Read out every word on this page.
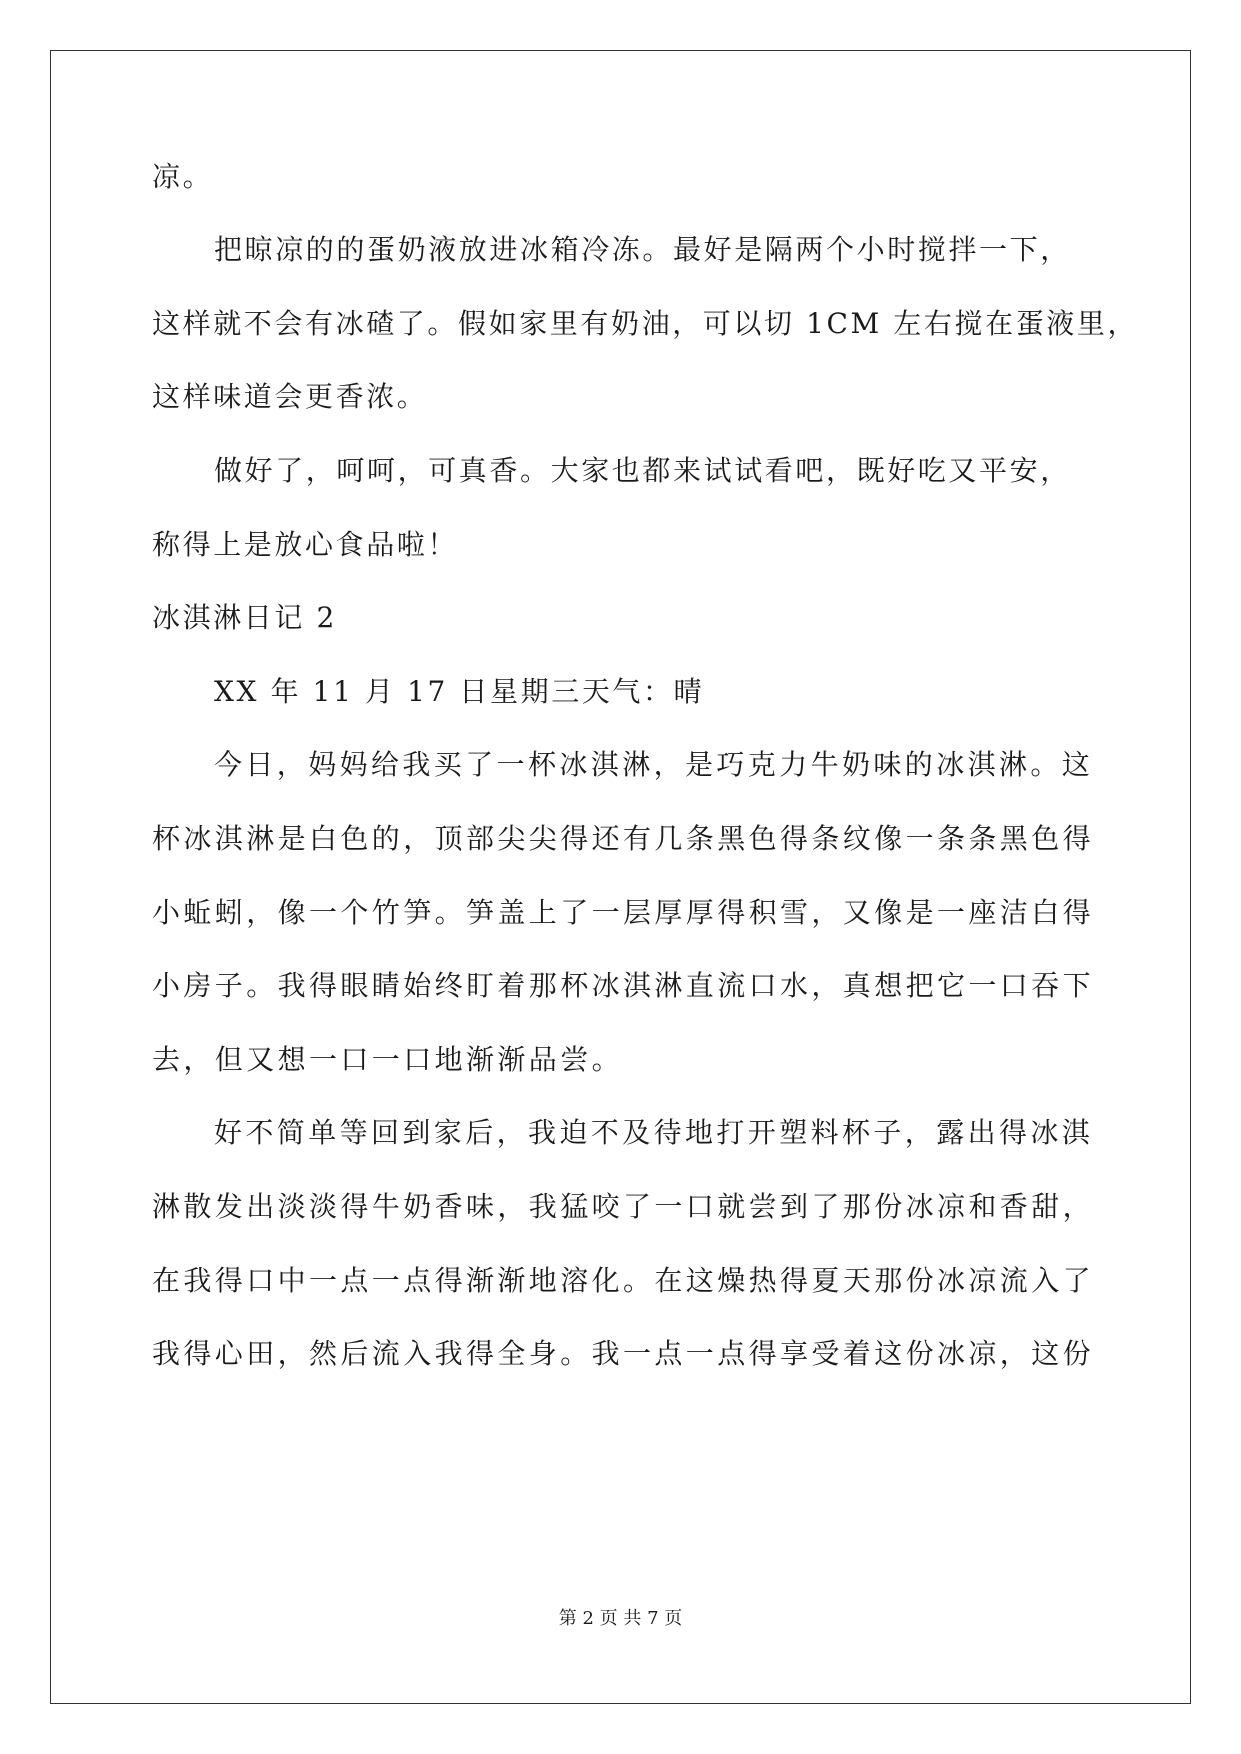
凉。
把晾凉的的蛋奶液放进冰箱冷冻。最好是隔两个小时搅拌一下，
这样就不会有冰碴了。假如家里有奶油，可以切 1CM 左右搅在蛋液里，
这样味道会更香浓。
做好了，呵呵，可真香。大家也都来试试看吧，既好吃又平安，
称得上是放心食品啦！
冰淇淋日记 2
XX 年 11 月 17 日星期三天气：晴
今日，妈妈给我买了一杯冰淇淋，是巧克力牛奶味的冰淇淋。这
杯冰淇淋是白色的，顶部尖尖得还有几条黑色得条纹像一条条黑色得
小蚯蚓，像一个竹笋。笋盖上了一层厚厚得积雪，又像是一座洁白得
小房子。我得眼睛始终盯着那杯冰淇淋直流口水，真想把它一口吞下
去，但又想一口一口地渐渐品尝。
好不简单等回到家后，我迫不及待地打开塑料杯子，露出得冰淇
淋散发出淡淡得牛奶香味，我猛咬了一口就尝到了那份冰凉和香甜，
在我得口中一点一点得渐渐地溶化。在这燥热得夏天那份冰凉流入了
我得心田，然后流入我得全身。我一点一点得享受着这份冰凉，这份
第 2 页 共 7 页
